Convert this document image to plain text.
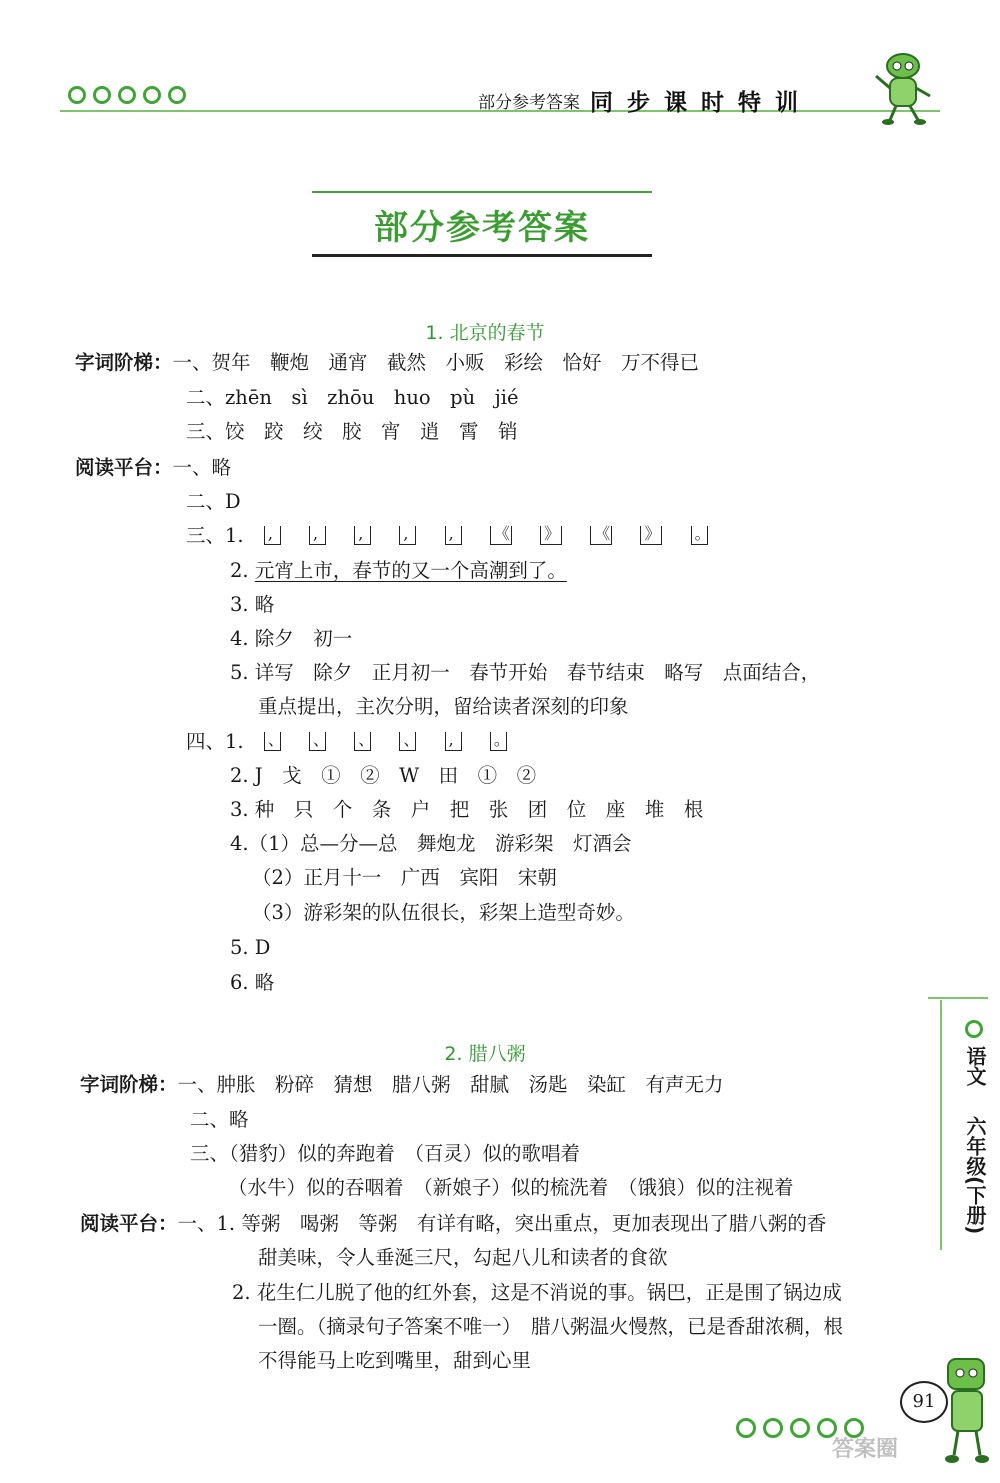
部分参考答案 同步课时特训
部分参考答案
1. 北京的春节
字词阶梯：一、贺年　鞭炮　通宵　截然　小贩　彩绘　恰好　万不得已
二、zhēn　sì　zhōu　huo　pù　jié
三、饺　跤　绞　胶　宵　逍　霄　销
阅读平台：一、略
二、D
三、1. ,
	,
	,
	,
	,
	《
》
《
》
。
2. 元宵上市，春节的又一个高潮到了。
3. 略
4. 除夕　初一
5. 详写　除夕　正月初一　春节开始　春节结束　略写　点面结合，
重点提出，主次分明，留给读者深刻的印象
四、1. 、
、
、
、
,
	。
2. J　戈　①　②　W　田　①　②
3. 种　只　个　条　户　把　张　团　位　座　堆　根
4.（1）总—分—总　舞炮龙　游彩架　灯酒会
（2）正月十一　广西　宾阳　宋朝
（3）游彩架的队伍很长，彩架上造型奇妙。
5. D
6. 略
2. 腊八粥
字词阶梯：一、肿胀　粉碎　猜想　腊八粥　甜腻　汤匙　染缸　有声无力
二、略
三、（猎豹）似的奔跑着　（百灵）似的歌唱着
（水牛）似的吞咽着　（新娘子）似的梳洗着　（饿狼）似的注视着
阅读平台：一、1. 等粥　喝粥　等粥　有详有略，突出重点，更加表现出了腊八粥的香
甜美味，令人垂涎三尺，勾起八儿和读者的食欲
2. 花生仁儿脱了他的红外套，这是不消说的事。锅巴，正是围了锅边成
一圈。（摘录句子答案不唯一）　腊八粥温火慢熬，已是香甜浓稠，根
不得能马上吃到嘴里，甜到心里
语文  六年级(下册)
91
答案圈
